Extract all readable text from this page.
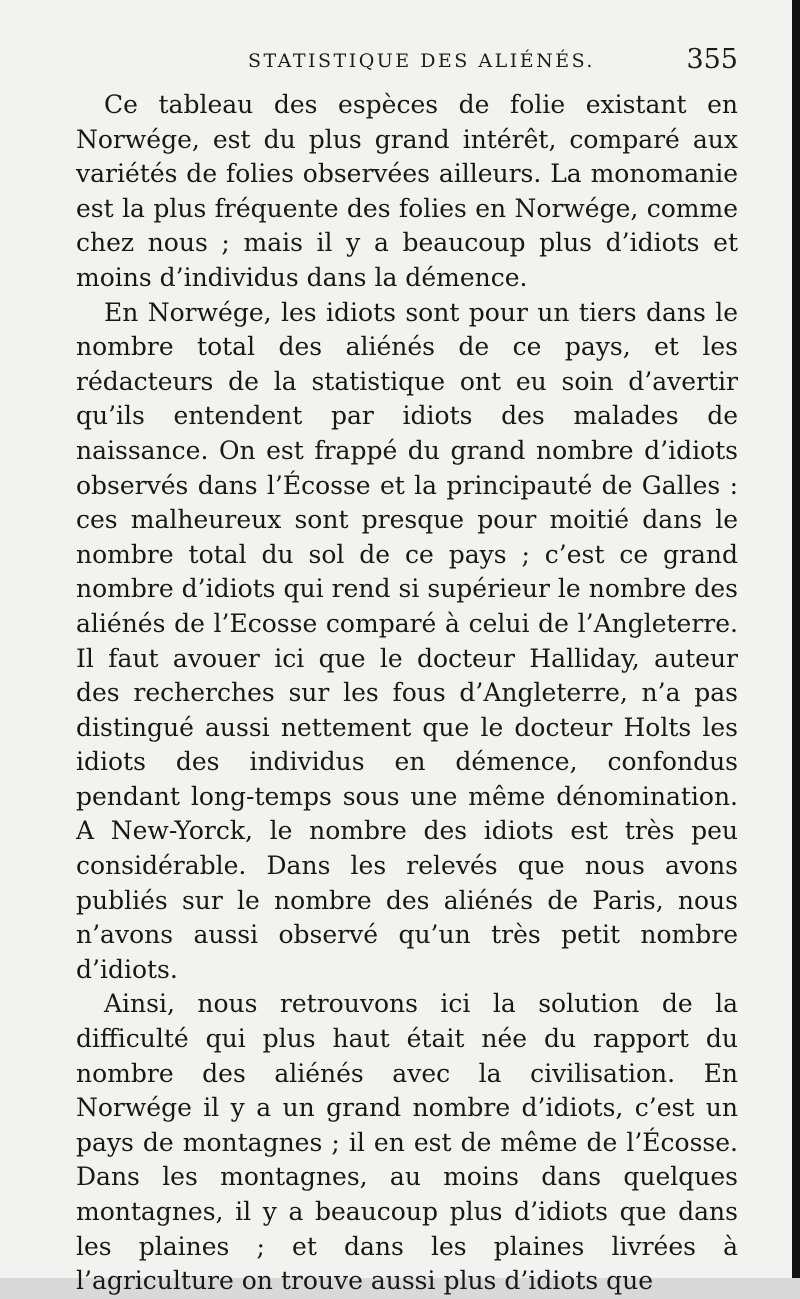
STATISTIQUE DES ALIÉNÉS.	355

Ce tableau des espèces de folie existant en Norwége, est du plus grand intérêt, comparé aux variétés de folies observées ailleurs. La monomanie est la plus fréquente des folies en Norwége, comme chez nous ; mais il y a beaucoup plus d’idiots et moins d’individus dans la démence.

En Norwége, les idiots sont pour un tiers dans le nombre total des aliénés de ce pays, et les rédacteurs de la statistique ont eu soin d’avertir qu’ils entendent par idiots des malades de naissance. On est frappé du grand nombre d’idiots observés dans l’Écosse et la principauté de Galles : ces malheureux sont presque pour moitié dans le nombre total du sol de ce pays ; c’est ce grand nombre d’idiots qui rend si supérieur le nombre des aliénés de l’Ecosse comparé à celui de l’Angleterre. Il faut avouer ici que le docteur Halliday, auteur des recherches sur les fous d’Angleterre, n’a pas distingué aussi nettement que le docteur Holts les idiots des individus en démence, confondus pendant long-temps sous une même dénomination. A New-Yorck, le nombre des idiots est très peu considérable. Dans les relevés que nous avons publiés sur le nombre des aliénés de Paris, nous n’avons aussi observé qu’un très petit nombre d’idiots.

Ainsi, nous retrouvons ici la solution de la difficulté qui plus haut était née du rapport du nombre des aliénés avec la civilisation. En Norwége il y a un grand nombre d’idiots, c’est un pays de montagnes ; il en est de même de l’Écosse. Dans les montagnes, au moins dans quelques montagnes, il y a beaucoup plus d’idiots que dans les plaines ; et dans les plaines livrées à l’agriculture on trouve aussi plus d’idiots que
